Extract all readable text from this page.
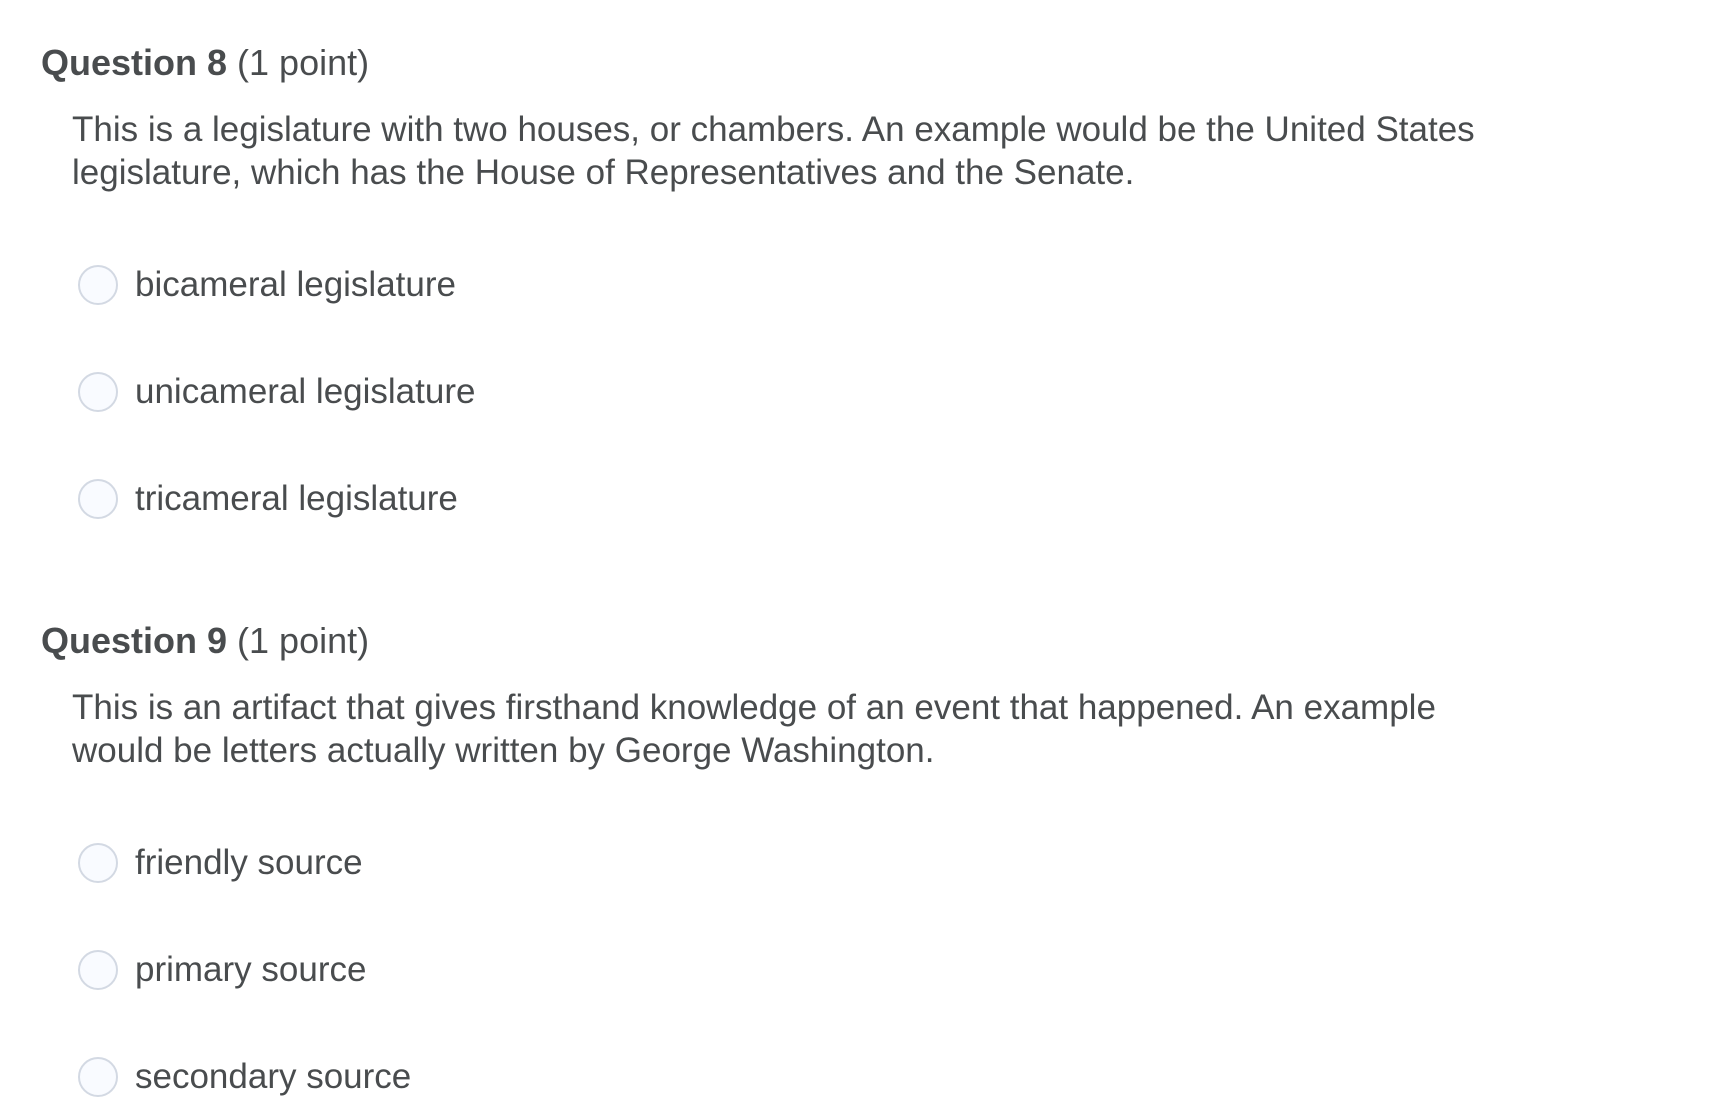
Question 8 (1 point)
This is a legislature with two houses, or chambers. An example would be the United States
legislature, which has the House of Representatives and the Senate.
bicameral legislature
unicameral legislature
tricameral legislature
Question 9 (1 point)
This is an artifact that gives firsthand knowledge of an event that happened. An example
would be letters actually written by George Washington.
friendly source
primary source
secondary source
